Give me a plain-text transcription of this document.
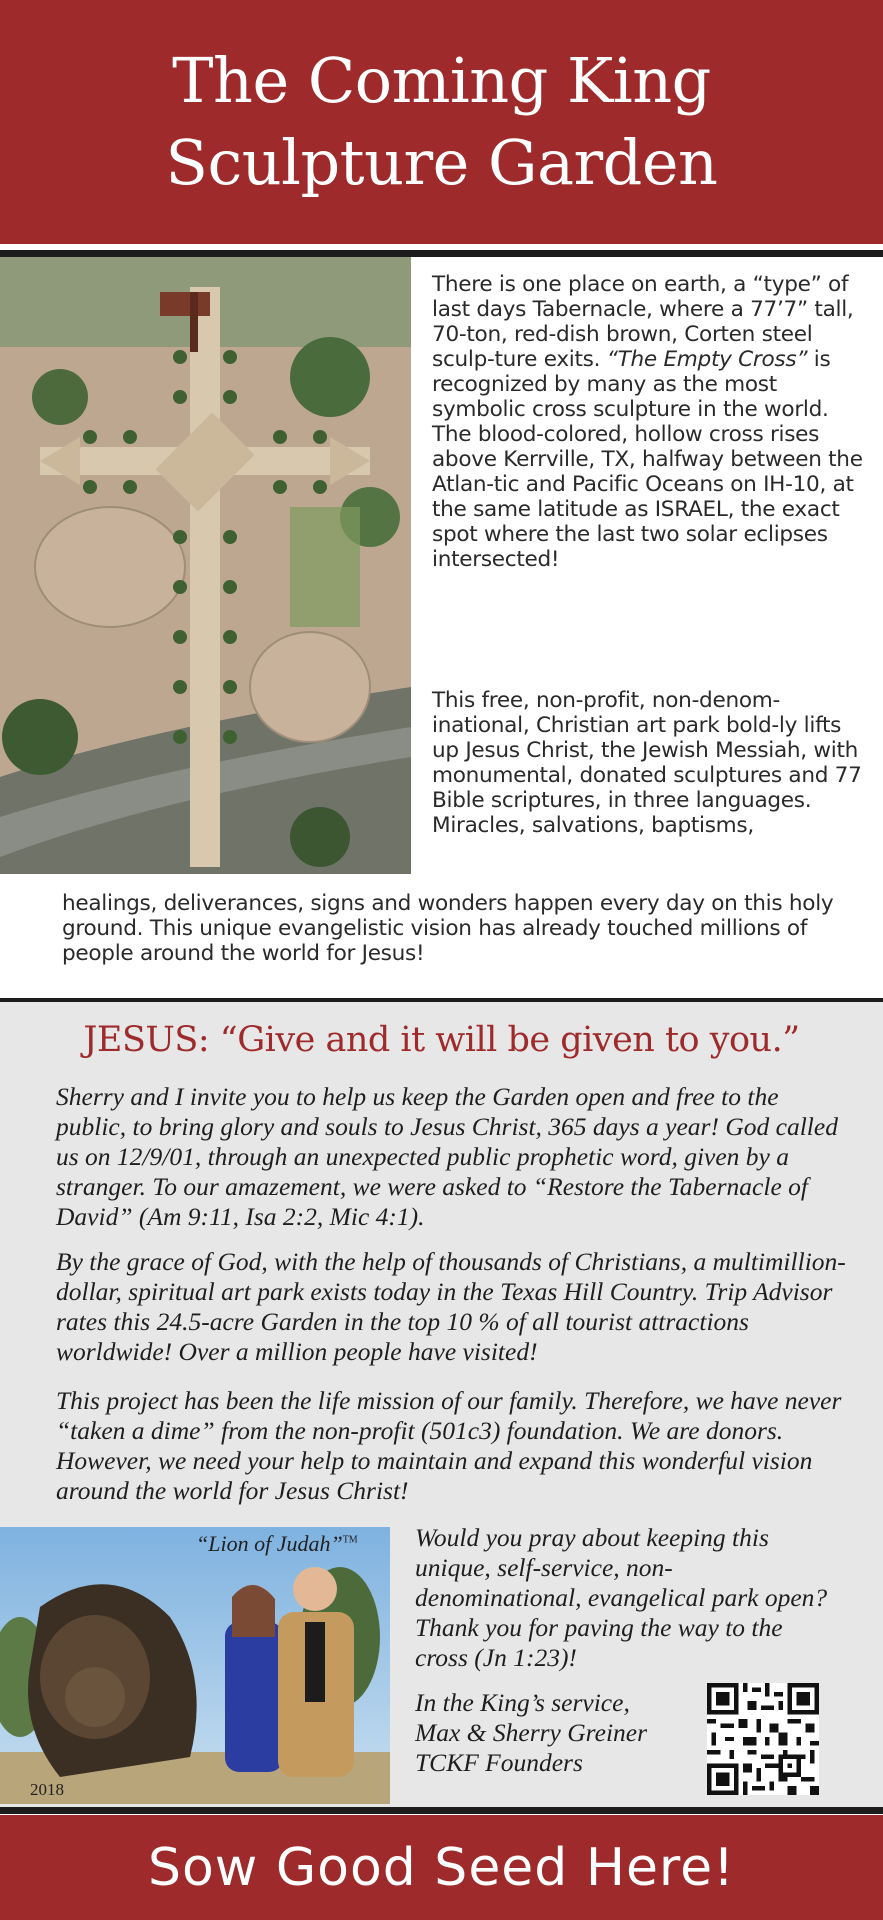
The Coming King
Sculpture Garden

There is one place on earth, a “type” of last days Tabernacle, where a 77’7” tall, 70-ton, red-dish brown, Corten steel sculp-ture exits. “The Empty Cross” is recognized by many as the most symbolic cross sculpture in the world. The blood-colored, hollow cross rises above Kerrville, TX, halfway between the Atlan-tic and Pacific Oceans on IH-10, at the same latitude as ISRAEL, the exact spot where the last two solar eclipses intersected!

This free, non-profit, non-denom-inational, Christian art park bold-ly lifts up Jesus Christ, the Jewish Messiah, with monumental, donated sculptures and 77 Bible scriptures, in three languages. Miracles, salvations, baptisms,
healings, deliverances, signs and wonders happen every day on this holy ground. This unique evangelistic vision has already touched millions of people around the world for Jesus!
JESUS: “Give and it will be given to you.”
Sherry and I invite you to help us keep the Garden open and free to the public, to bring glory and souls to Jesus Christ, 365 days a year! God called us on 12/9/01, through an unexpected public prophetic word, given by a stranger. To our amazement, we were asked to “Restore the Tabernacle of David” (Am 9:11, Isa 2:2, Mic 4:1).
By the grace of God, with the help of thousands of Christians, a multimillion-dollar, spiritual art park exists today in the Texas Hill Country. Trip Advisor rates this 24.5-acre Garden in the top 10 % of all tourist attractions worldwide! Over a million people have visited!
This project has been the life mission of our family. Therefore, we have never “taken a dime” from the non-profit (501c3) foundation. We are donors. However, we need your help to maintain and expand this wonderful vision around the world for Jesus Christ!
“Lion of Judah”™
2018
Would you pray about keeping this unique, self-service, non-denominational, evangelical park open? Thank you for paving the way to the cross (Jn 1:23)!
In the King’s service,
Max & Sherry Greiner
TCKF Founders
Sow Good Seed Here!
